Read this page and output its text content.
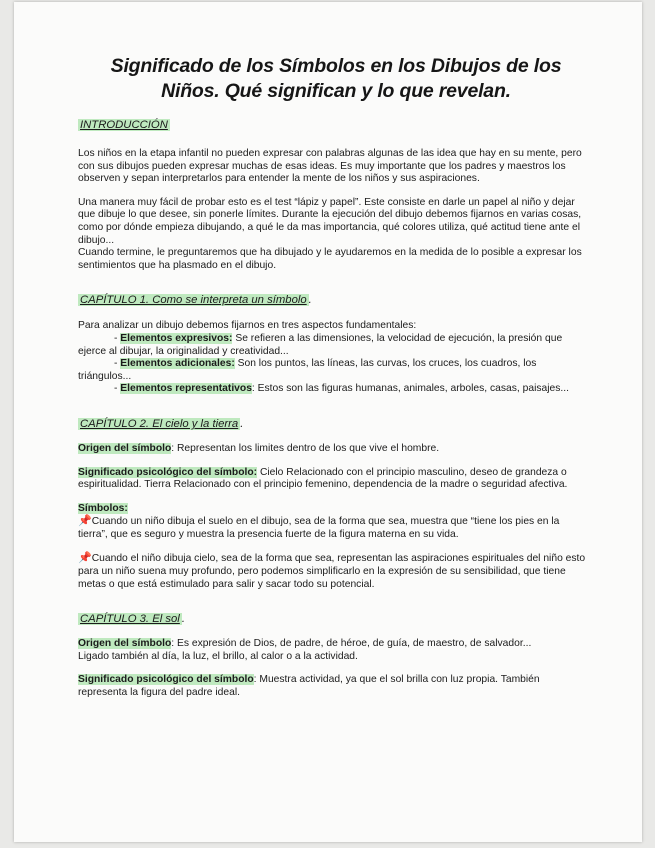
Significado de los Símbolos en los Dibujos de los
Niños. Qué significan y lo que revelan.
INTRODUCCIÓN

Los niños en la etapa infantil no pueden expresar con palabras algunas de las idea que hay en su mente, pero con sus dibujos pueden expresar muchas de esas ideas. Es muy importante que los padres y maestros los observen y sepan interpretarlos para entender la mente de los niños y sus aspiraciones.

Una manera muy fácil de probar esto es el test “lápiz y papel”. Este consiste en darle un papel al niño y dejar que dibuje lo que desee, sin ponerle límites. Durante la ejecución del dibujo debemos fijarnos en varias cosas, como por dónde empieza dibujando, a qué le da mas importancia, qué colores utiliza, qué actitud tiene ante el dibujo...

Cuando termine, le preguntaremos que ha dibujado y le ayudaremos en la medida de lo posible a expresar los sentimientos que ha plasmado en el dibujo.

CAPÍTULO 1. Como se interpreta un símbolo .

Para analizar un dibujo debemos fijarnos en tres aspectos fundamentales:

- Elementos expresivos: Se refieren a las dimensiones, la velocidad de ejecución, la presión que ejerce al dibujar, la originalidad y creatividad...

- Elementos adicionales: Son los puntos, las líneas, las curvas, los cruces, los cuadros, los triángulos...

- Elementos representativos: Estos son las figuras humanas, animales, arboles, casas, paisajes...

CAPÍTULO 2. El cielo y la tierra .

Origen del símbolo: Representan los limites dentro de los que vive el hombre.

Significado psicológico del símbolo: Cielo Relacionado con el principio masculino, deseo de grandeza o espiritualidad. Tierra Relacionado con el principio femenino, dependencia de la madre o seguridad afectiva.

Símbolos:

📌Cuando un niño dibuja el suelo en el dibujo, sea de la forma que sea, muestra que “tiene los pies en la tierra”, que es seguro y muestra la presencia fuerte de la figura materna en su vida.

📌Cuando el niño dibuja cielo, sea de la forma que sea, representan las aspiraciones espirituales del niño esto para un niño suena muy profundo, pero podemos simplificarlo en la expresión de su sensibilidad, que tiene metas o que está estimulado para salir y sacar todo su potencial.

CAPÍTULO 3. El sol .

Origen del símbolo: Es expresión de Dios, de padre, de héroe, de guía, de maestro, de salvador...

Ligado también al día, la luz, el brillo, al calor o a la actividad.

Significado psicológico del símbolo: Muestra actividad, ya que el sol brilla con luz propia. También representa la figura del padre ideal.
